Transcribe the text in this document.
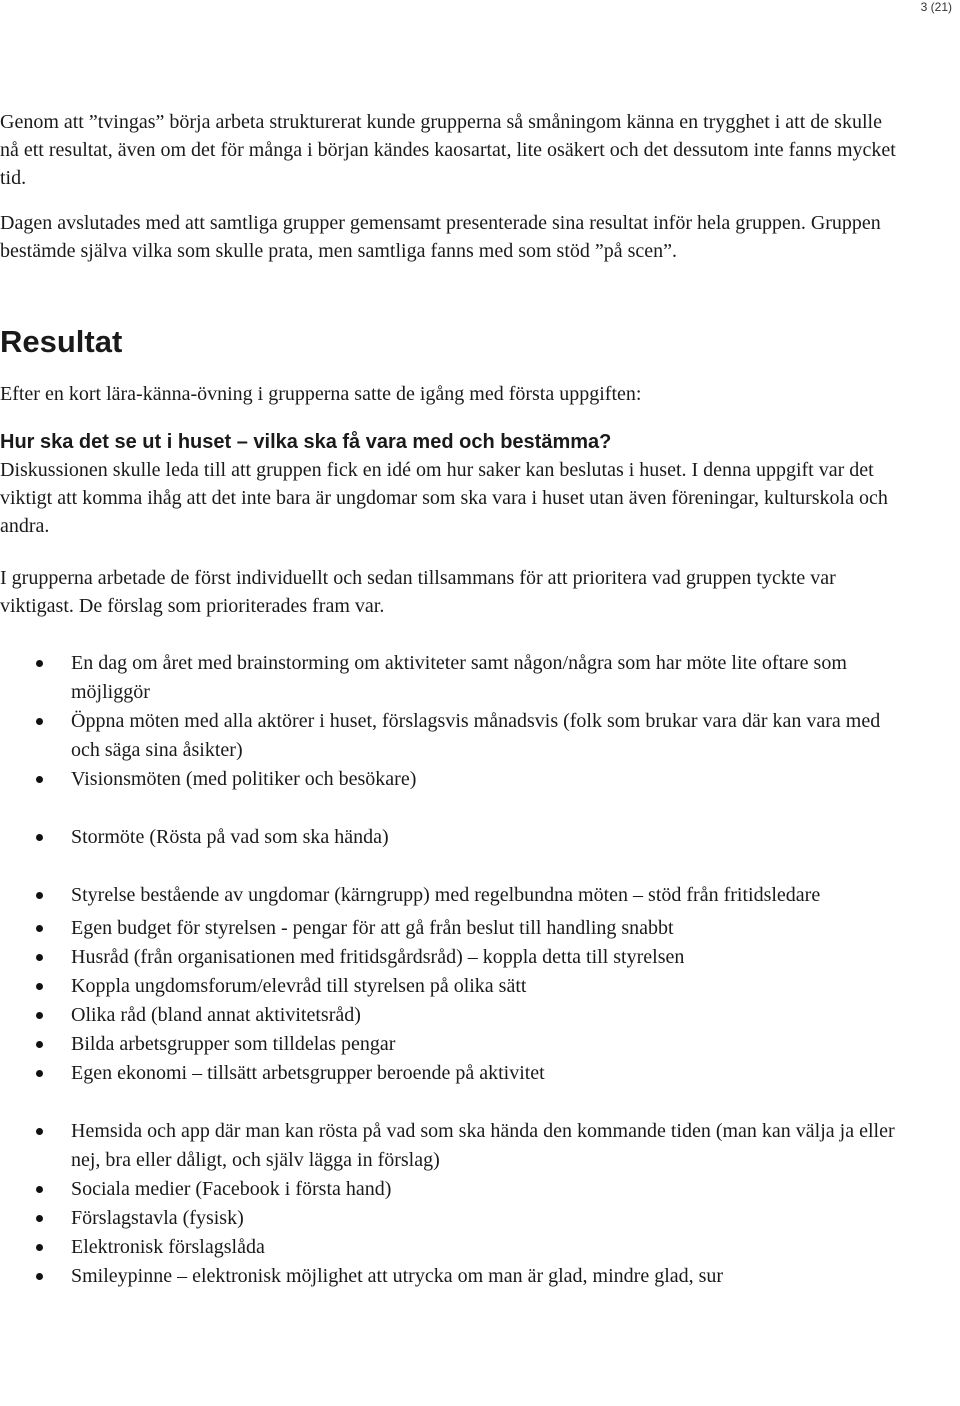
3 (21)

Genom att ”tvingas” börja arbeta strukturerat kunde grupperna så småningom känna en trygghet i att de skulle nå ett resultat, även om det för många i början kändes kaosartat, lite osäkert och det dessutom inte fanns mycket tid.

Dagen avslutades med att samtliga grupper gemensamt presenterade sina resultat inför hela gruppen. Gruppen bestämde själva vilka som skulle prata, men samtliga fanns med som stöd ”på scen”.

Resultat

Efter en kort lära-känna-övning i grupperna satte de igång med första uppgiften:

Hur ska det se ut i huset – vilka ska få vara med och bestämma?

Diskussionen skulle leda till att gruppen fick en idé om hur saker kan beslutas i huset. I denna uppgift var det viktigt att komma ihåg att det inte bara är ungdomar som ska vara i huset utan även föreningar, kulturskola och andra.

I grupperna arbetade de först individuellt och sedan tillsammans för att prioritera vad gruppen tyckte var viktigast. De förslag som prioriterades fram var.

En dag om året med brainstorming om aktiviteter samt någon/några som har möte lite oftare som möjliggör
Öppna möten med alla aktörer i huset, förslagsvis månadsvis (folk som brukar vara där kan vara med och säga sina åsikter)
Visionsmöten (med politiker och besökare)
Stormöte (Rösta på vad som ska hända)
Styrelse bestående av ungdomar (kärngrupp) med regelbundna möten – stöd från fritidsledare
Egen budget för styrelsen - pengar för att gå från beslut till handling snabbt
Husråd (från organisationen med fritidsgårdsråd) – koppla detta till styrelsen
Koppla ungdomsforum/elevråd till styrelsen på olika sätt
Olika råd (bland annat aktivitetsråd)
Bilda arbetsgrupper som tilldelas pengar
Egen ekonomi – tillsätt arbetsgrupper beroende på aktivitet
Hemsida och app där man kan rösta på vad som ska hända den kommande tiden (man kan välja ja eller nej, bra eller dåligt, och själv lägga in förslag)
Sociala medier (Facebook i första hand)
Förslagstavla (fysisk)
Elektronisk förslagslåda
Smileypinne – elektronisk möjlighet att utrycka om man är glad, mindre glad, sur
